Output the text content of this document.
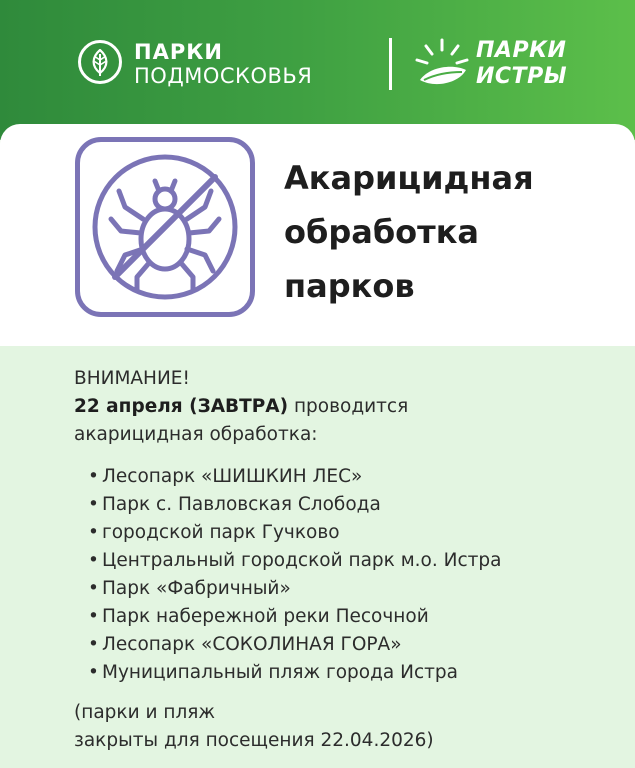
ПАРКИ
ПОДМОСКОВЬЯ
ПАРКИ
ИСТРЫ
Акарицидная
обработка
парков
ВНИМАНИЕ!
22 апреля (ЗАВТРА) проводится
акарицидная обработка:
• Лесопарк «ШИШКИН ЛЕС»
• Парк с. Павловская Слобода
• городской парк Гучково
• Центральный городской парк м.о. Истра
• Парк «Фабричный»
• Парк набережной реки Песочной
• Лесопарк «СОКОЛИНАЯ ГОРА»
• Муниципальный пляж города Истра
(парки и пляж
закрыты для посещения 22.04.2026)
